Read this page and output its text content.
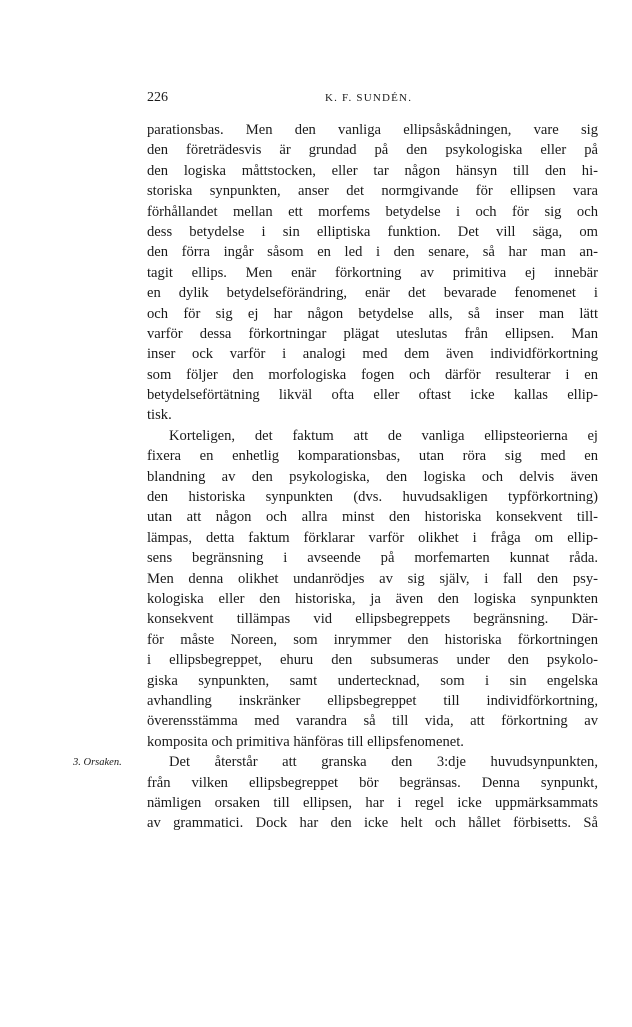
226	K. F. SUNDÉN.
3. Orsaken.
parationsbas. Men den vanliga ellipsåskådningen, vare sig
den företrädesvis är grundad på den psykologiska eller på
den logiska måttstocken, eller tar någon hänsyn till den hi-
storiska synpunkten, anser det normgivande för ellipsen vara
förhållandet mellan ett morfems betydelse i och för sig och
dess betydelse i sin elliptiska funktion. Det vill säga, om
den förra ingår såsom en led i den senare, så har man an-
tagit ellips. Men enär förkortning av primitiva ej innebär
en dylik betydelseförändring, enär det bevarade fenomenet i
och för sig ej har någon betydelse alls, så inser man lätt
varför dessa förkortningar plägat uteslutas från ellipsen. Man
inser ock varför i analogi med dem även individförkortning
som följer den morfologiska fogen och därför resulterar i en
betydelseförtätning likväl ofta eller oftast icke kallas ellip-
tisk.
Korteligen, det faktum att de vanliga ellipsteorierna ej
fixera en enhetlig komparationsbas, utan röra sig med en
blandning av den psykologiska, den logiska och delvis även
den historiska synpunkten (dvs. huvudsakligen typförkortning)
utan att någon och allra minst den historiska konsekvent till-
lämpas, detta faktum förklarar varför olikhet i fråga om ellip-
sens begränsning i avseende på morfemarten kunnat råda.
Men denna olikhet undanrödjes av sig själv, i fall den psy-
kologiska eller den historiska, ja även den logiska synpunkten
konsekvent tillämpas vid ellipsbegreppets begränsning. Där-
för måste Noreen, som inrymmer den historiska förkortningen
i ellipsbegreppet, ehuru den subsumeras under den psykolo-
giska synpunkten, samt undertecknad, som i sin engelska
avhandling inskränker ellipsbegreppet till individförkortning,
överensstämma med varandra så till vida, att förkortning av
komposita och primitiva hänföras till ellipsfenomenet.
Det återstår att granska den 3:dje huvudsynpunkten,
från vilken ellipsbegreppet bör begränsas. Denna synpunkt,
nämligen orsaken till ellipsen, har i regel icke uppmärksammats
av grammatici. Dock har den icke helt och hållet förbisetts. Så
